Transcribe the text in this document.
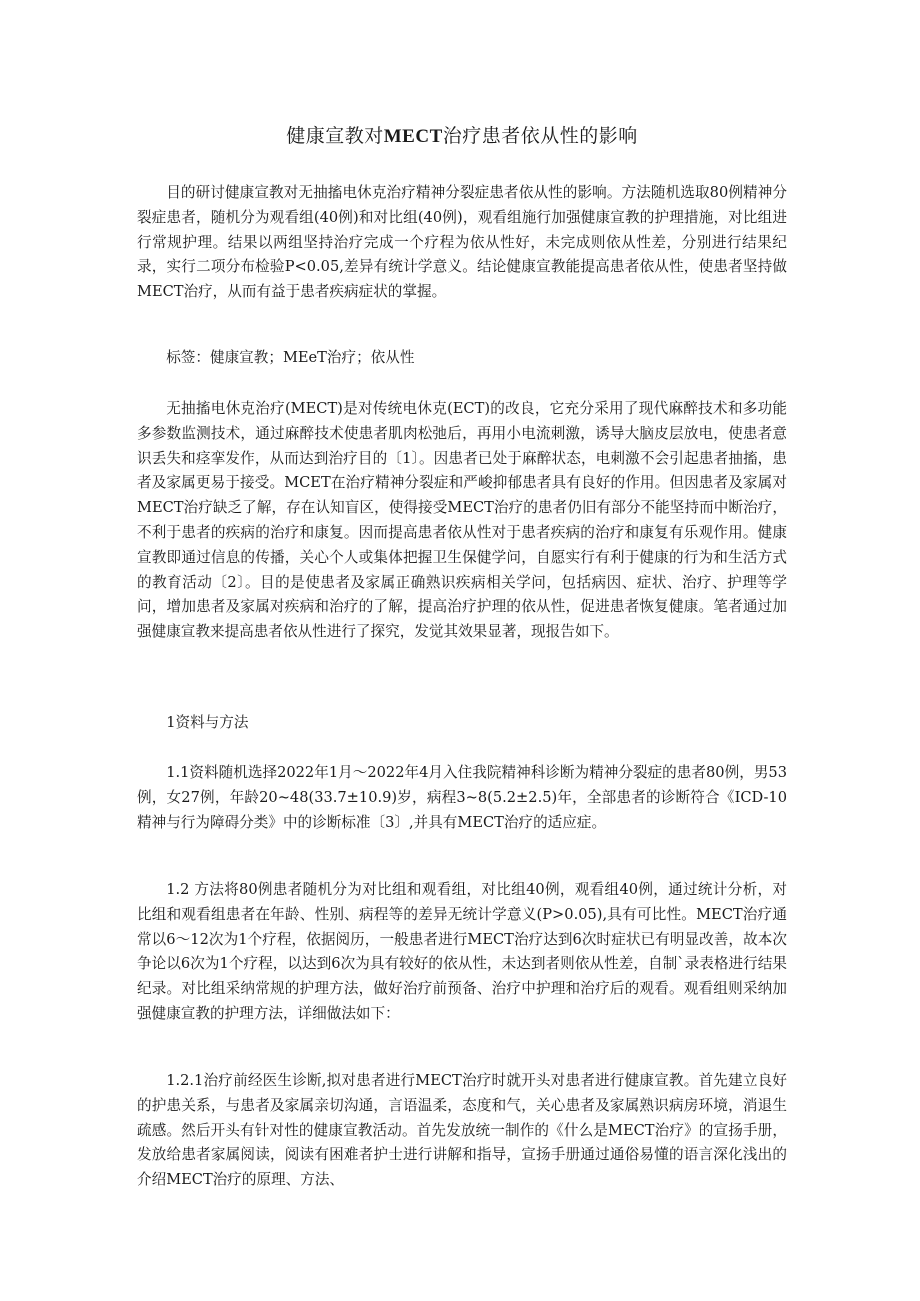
健康宣教对MECT治疗患者依从性的影响

目的研讨健康宣教对无抽搐电休克治疗精神分裂症患者依从性的影响。方法随机选取80例精神分裂症患者，随机分为观看组(40例)和对比组(40例)，观看组施行加强健康宣教的护理措施，对比组进行常规护理。结果以两组坚持治疗完成一个疗程为依从性好，未完成则依从性差，分别进行结果纪录，实行二项分布检验P<0.05,差异有统计学意义。结论健康宣教能提高患者依从性，使患者坚持做MECT治疗，从而有益于患者疾病症状的掌握。

标签：健康宣教；MEeT治疗；依从性

无抽搐电休克治疗(MECT)是对传统电休克(ECT)的改良，它充分采用了现代麻醉技术和多功能多参数监测技术，通过麻醉技术使患者肌肉松弛后，再用小电流刺激，诱导大脑皮层放电，使患者意识丢失和痉挛发作，从而达到治疗目的〔1〕。因患者已处于麻醉状态，电刺激不会引起患者抽搐，患者及家属更易于接受。MCET在治疗精神分裂症和严峻抑郁患者具有良好的作用。但因患者及家属对MECT治疗缺乏了解，存在认知盲区，使得接受MECT治疗的患者仍旧有部分不能坚持而中断治疗，不利于患者的疾病的治疗和康复。因而提高患者依从性对于患者疾病的治疗和康复有乐观作用。健康宣教即通过信息的传播，关心个人或集体把握卫生保健学问，自愿实行有利于健康的行为和生活方式的教育活动〔2〕。目的是使患者及家属正确熟识疾病相关学问，包括病因、症状、治疗、护理等学问，增加患者及家属对疾病和治疗的了解，提高治疗护理的依从性，促进患者恢复健康。笔者通过加强健康宣教来提高患者依从性进行了探究，发觉其效果显著，现报告如下。

1资料与方法

1.1资料随机选择2022年1月～2022年4月入住我院精神科诊断为精神分裂症的患者80例，男53例，女27例，年龄20~48(33.7±10.9)岁，病程3~8(5.2±2.5)年，全部患者的诊断符合《ICD-10精神与行为障碍分类》中的诊断标准〔3〕,并具有MECT治疗的适应症。

1.2 方法将80例患者随机分为对比组和观看组，对比组40例，观看组40例，通过统计分析，对比组和观看组患者在年龄、性别、病程等的差异无统计学意义(P>0.05),具有可比性。MECT治疗通常以6～12次为1个疗程，依据阅历，一般患者进行MECT治疗达到6次时症状已有明显改善，故本次争论以6次为1个疗程，以达到6次为具有较好的依从性，未达到者则依从性差，自制`录表格进行结果纪录。对比组采纳常规的护理方法，做好治疗前预备、治疗中护理和治疗后的观看。观看组则采纳加强健康宣教的护理方法，详细做法如下：

1.2.1治疗前经医生诊断,拟对患者进行MECT治疗时就开头对患者进行健康宣教。首先建立良好的护患关系，与患者及家属亲切沟通，言语温柔，态度和气，关心患者及家属熟识病房环境，消退生疏感。然后开头有针对性的健康宣教活动。首先发放统一制作的《什么是MECT治疗》的宣扬手册，发放给患者家属阅读，阅读有困难者护士进行讲解和指导，宣扬手册通过通俗易懂的语言深化浅出的介绍MECT治疗的原理、方法、
